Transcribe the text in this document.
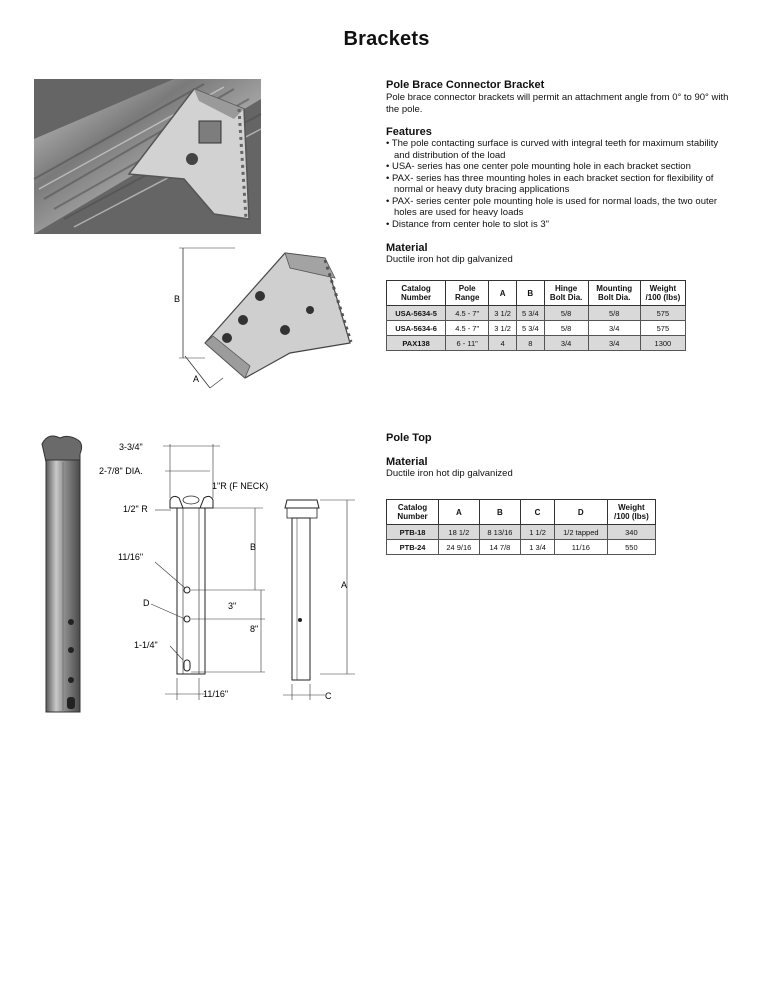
Brackets
B
A

Pole Brace Connector Bracket

Pole brace connector brackets will permit an attachment angle from 0° to 90° with the pole.

Features

• The pole contacting surface is curved with integral teeth for maximum stability and distribution of the load
• USA- series has one center pole mounting hole in each bracket section
• PAX- series has three mounting holes in each bracket section for flexibility of normal or heavy duty bracing applications
• PAX- series center pole mounting hole is used for normal loads, the two outer holes are used for heavy loads
• Distance from center hole to slot is 3"

Material

Ductile iron hot dip galvanized
Catalog Number	Pole Range	A	B	Hinge Bolt Dia.	Mounting Bolt Dia.	Weight /100 (lbs)
USA-5634-5	4.5 - 7"	3 1/2	5 3/4	5/8	5/8	575
USA-5634-6	4.5 - 7"	3 1/2	5 3/4	5/8	3/4	575
PAX138	6 - 11"	4	8	3/4	3/4	1300
3-3/4"
2-7/8" DIA.
1"R (F NECK)
1/2" R
11/16"
D
1-1/4"
B
3"
8"
11/16"
A
C

Pole Top

Material

Ductile iron hot dip galvanized
Catalog Number	A	B	C	D	Weight /100 (lbs)
PTB-18	18 1/2	8 13/16	1 1/2	1/2 tapped	340
PTB-24	24 9/16	14 7/8	1 3/4	11/16	550
